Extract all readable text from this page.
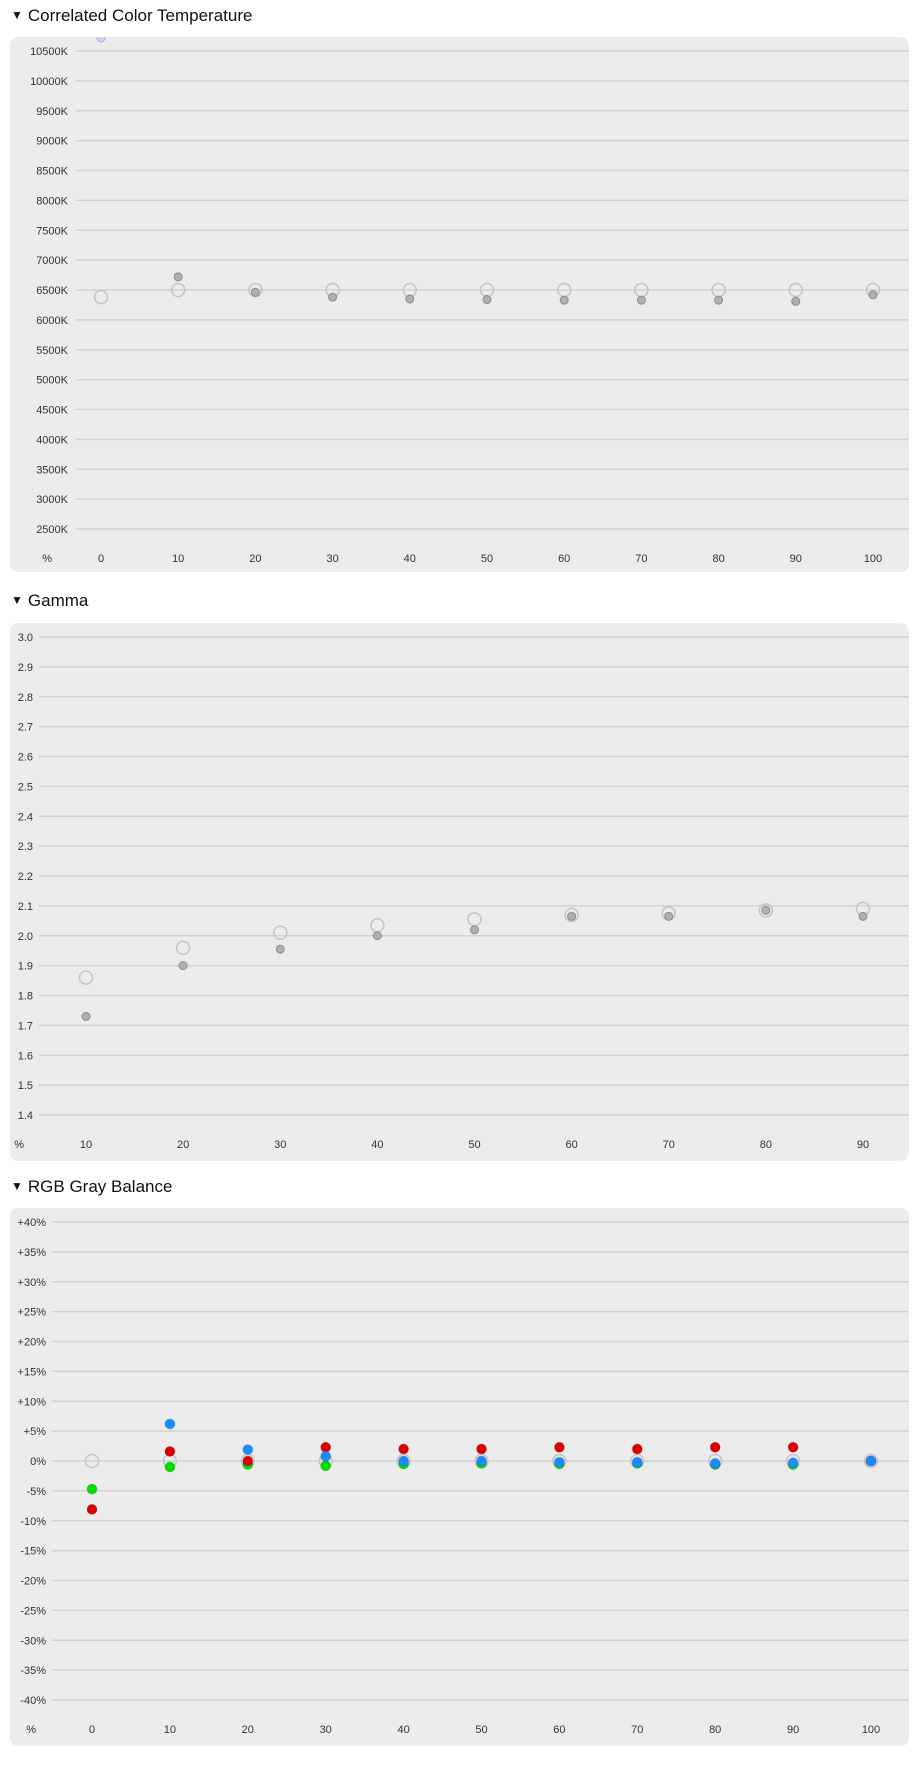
▼ Correlated Color Temperature
2500K
3000K
3500K
4000K
4500K
5000K
5500K
6000K
6500K
7000K
7500K
8000K
8500K
9000K
9500K
10000K
10500K
%	0	10	20	30	40	50	60	70	80	90	100
▼ Gamma
1.4
1.5
1.6
1.7
1.8
1.9
2.0
2.1
2.2
2.3
2.4
2.5
2.6
2.7
2.8
2.9
3.0
%	10	20	30	40	50	60	70	80	90
▼ RGB Gray Balance
-40%
-35%
-30%
-25%
-20%
-15%
-10%
-5%
0%
+5%
+10%
+15%
+20%
+25%
+30%
+35%
+40%
%	0	10	20	30	40	50	60	70	80	90	100
